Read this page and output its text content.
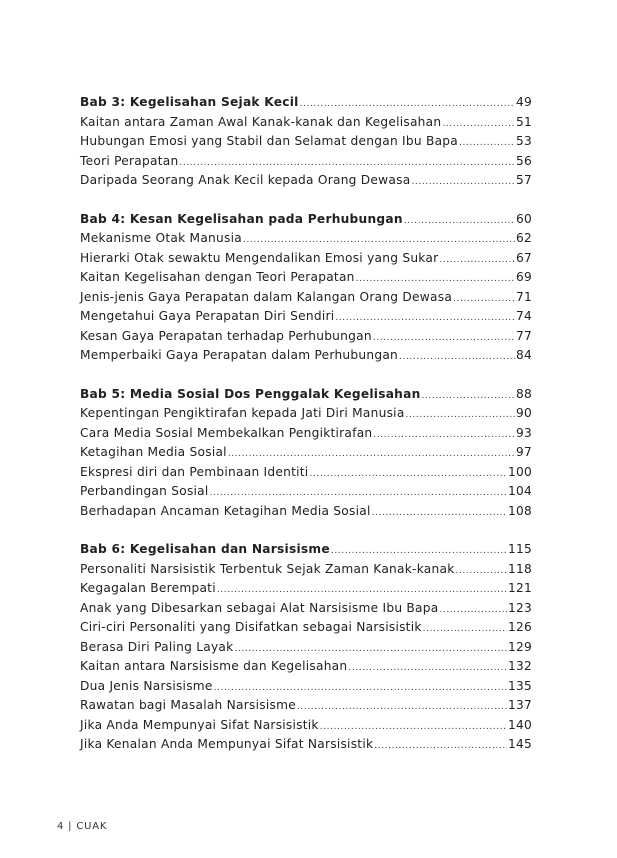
Bab 3: Kegelisahan Sejak Kecil .....	49
Kaitan antara Zaman Awal Kanak-kanak dan Kegelisahan .....	51
Hubungan Emosi yang Stabil dan Selamat dengan Ibu Bapa .....	53
Teori Perapatan .....	56
Daripada Seorang Anak Kecil kepada Orang Dewasa .....	57
Bab 4: Kesan Kegelisahan pada Perhubungan .....	60
Mekanisme Otak Manusia .....	62
Hierarki Otak sewaktu Mengendalikan Emosi yang Sukar .....	67
Kaitan Kegelisahan dengan Teori Perapatan .....	69
Jenis-jenis Gaya Perapatan dalam Kalangan Orang Dewasa .....	71
Mengetahui Gaya Perapatan Diri Sendiri .....	74
Kesan Gaya Perapatan terhadap Perhubungan .....	77
Memperbaiki Gaya Perapatan dalam Perhubungan .....	84
Bab 5: Media Sosial Dos Penggalak Kegelisahan .....	88
Kepentingan Pengiktirafan kepada Jati Diri Manusia .....	90
Cara Media Sosial Membekalkan Pengiktirafan .....	93
Ketagihan Media Sosial .....	97
Ekspresi diri dan Pembinaan Identiti .....	100
Perbandingan Sosial .....	104
Berhadapan Ancaman Ketagihan Media Sosial .....	108
Bab 6: Kegelisahan dan Narsisisme .....	115
Personaliti Narsisistik Terbentuk Sejak Zaman Kanak-kanak .....	118
Kegagalan Berempati .....	121
Anak yang Dibesarkan sebagai Alat Narsisisme Ibu Bapa .....	123
Ciri-ciri Personaliti yang Disifatkan sebagai Narsisistik .....	126
Berasa Diri Paling Layak .....	129
Kaitan antara Narsisisme dan Kegelisahan .....	132
Dua Jenis Narsisisme .....	135
Rawatan bagi Masalah Narsisisme .....	137
Jika Anda Mempunyai Sifat Narsisistik .....	140
Jika Kenalan Anda Mempunyai Sifat Narsisistik .....	145
4 | CUAK
